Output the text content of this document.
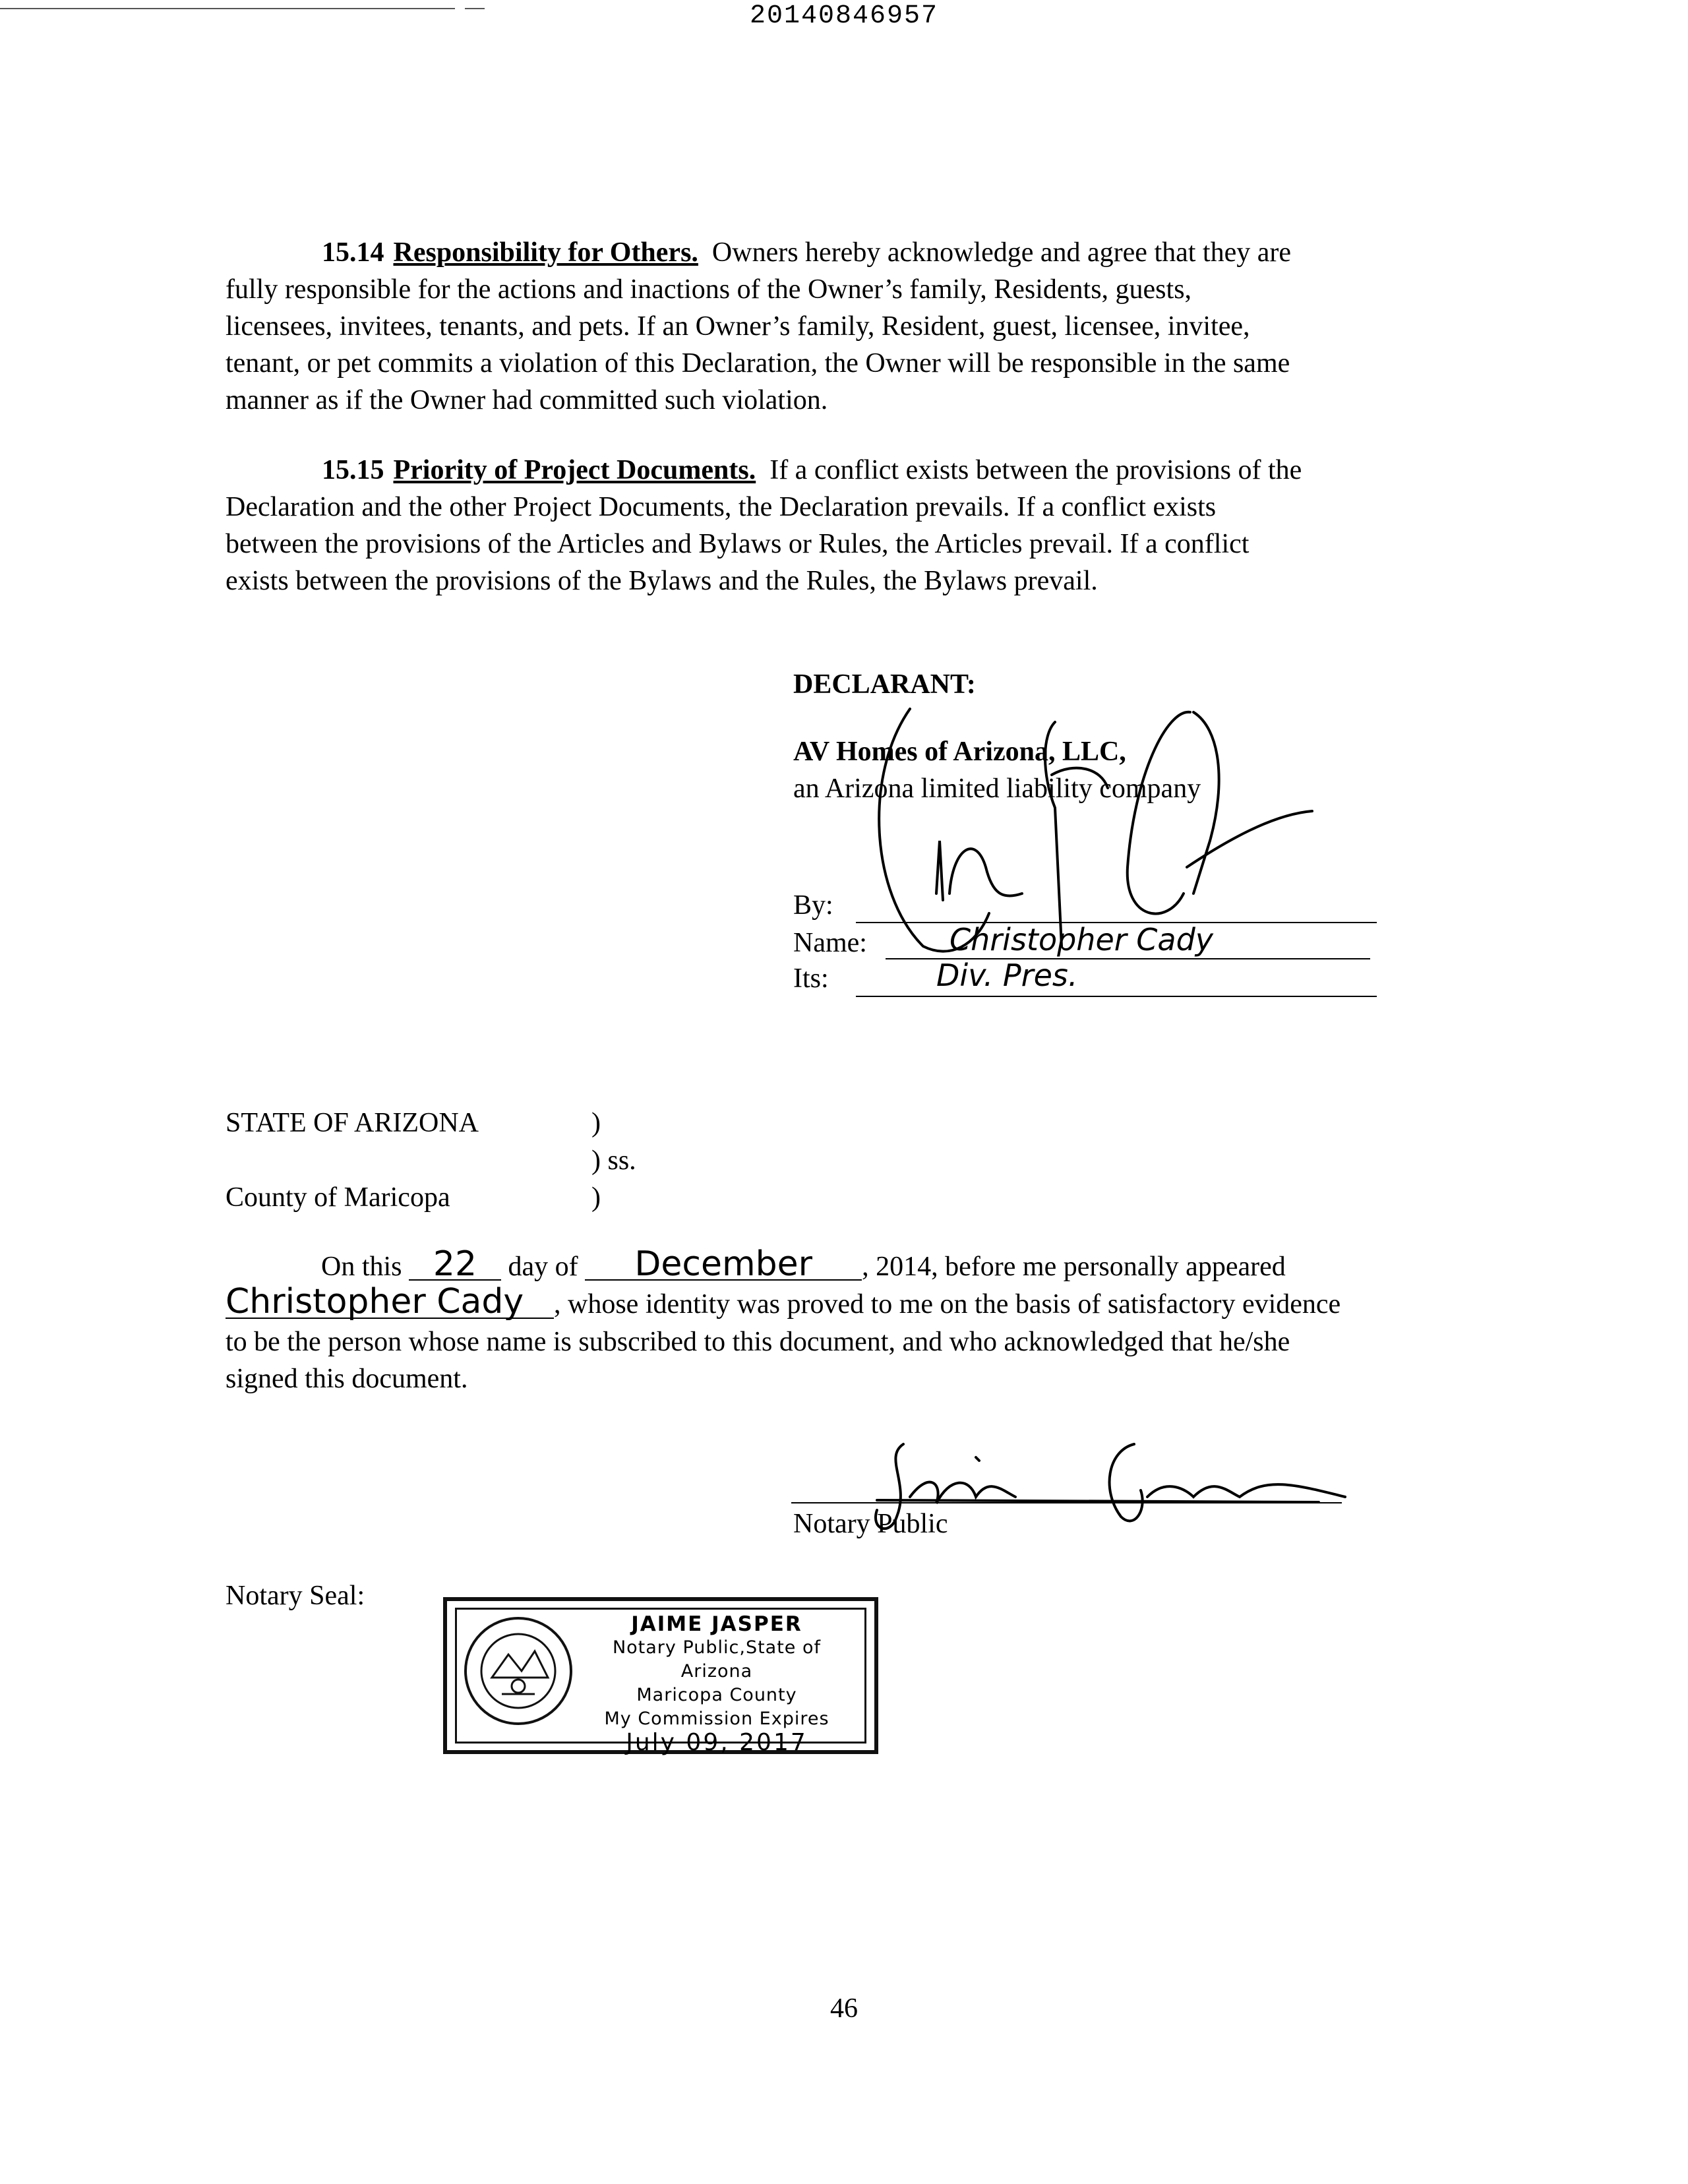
20140846957

15.14 Responsibility for Others. Owners hereby acknowledge and agree that they are

fully responsible for the actions and inactions of the Owner’s family, Residents, guests,

licensees, invitees, tenants, and pets. If an Owner’s family, Resident, guest, licensee, invitee,

tenant, or pet commits a violation of this Declaration, the Owner will be responsible in the same

manner as if the Owner had committed such violation.

15.15 Priority of Project Documents. If a conflict exists between the provisions of the

Declaration and the other Project Documents, the Declaration prevails. If a conflict exists

between the provisions of the Articles and Bylaws or Rules, the Articles prevail. If a conflict

exists between the provisions of the Bylaws and the Rules, the Bylaws prevail.

DECLARANT:
AV Homes of Arizona, LLC,
an Arizona limited liability company
By:
Name:	Christopher Cady
Its:	Div. Pres.
STATE OF ARIZONA	)
) ss.
County of Maricopa	)
On this 22 day of December , 2014, before me personally appeared
Christopher Cady , whose identity was proved to me on the basis of satisfactory evidence
to be the person whose name is subscribed to this document, and who acknowledged that he/she
signed this document.
Notary Public
Notary Seal:
JAIME JASPER
Notary Public,State of Arizona
Maricopa County
My Commission Expires
July 09, 2017
46
